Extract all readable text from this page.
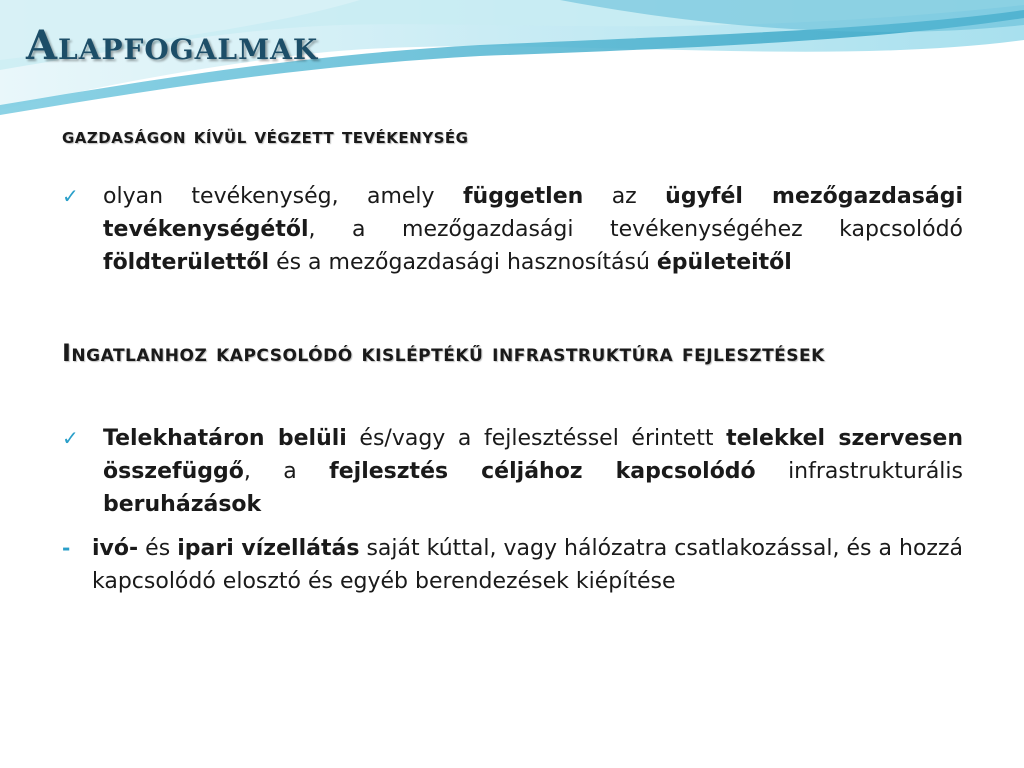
Alapfogalmak
gazdaságon kívül végzett tevékenység
✓ olyan tevékenység, amely független az ügyfél mezőgazdasági tevékenységétől, a mezőgazdasági tevékenységéhez kapcsolódó földterülettől és a mezőgazdasági hasznosítású épületeitől

Ingatlanhoz kapcsolódó kisléptékű infrastruktúra fejlesztések
✓ Telekhatáron belüli és/vagy a fejlesztéssel érintett telekkel szervesen összefüggő, a fejlesztés céljához kapcsolódó infrastrukturális beruházások

- ivó- és ipari vízellátás saját kúttal, vagy hálózatra csatlakozással, és a hozzá kapcsolódó elosztó és egyéb berendezések kiépítése
